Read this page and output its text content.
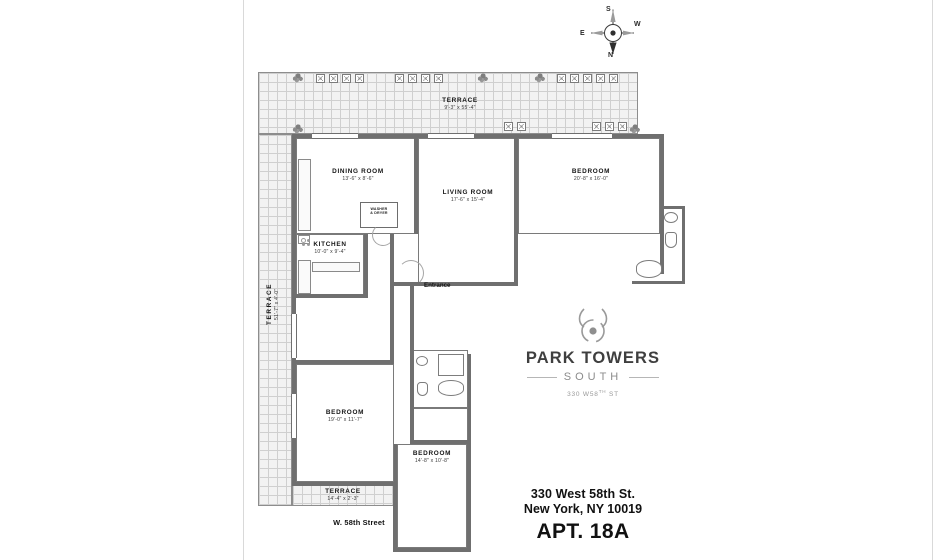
N
S
E
W
TERRACE
9'-3" x 55'-4"
TERRACE 51'-7" x 4'-0"
TERRACE
14'-4" x 2'-3"
DINING ROOM
13'-6" x 8'-6"
LIVING ROOM
17'-6" x 15'-4"
KITCHEN
10'-0" x 9'-4"
WASHER
& DRYER
BEDROOM
20'-8" x 16'-0"
BEDROOM
19'-0" x 11'-7"
BEDROOM
14'-8" x 10'-8"
Entrance
PARK TOWERS
SOUTH
330 W58TH ST
330 West 58th St.
New York, NY 10019
APT. 18A
W. 58th Street
